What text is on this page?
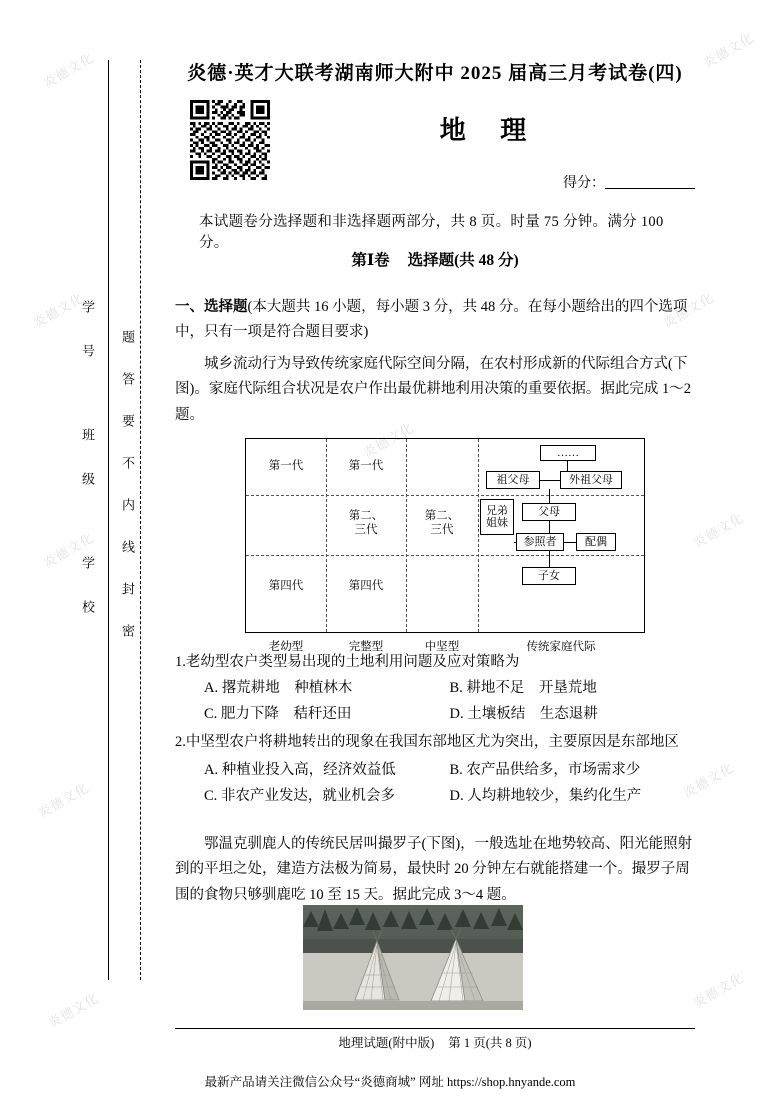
炎德文化	炎德文化
炎德文化	炎德文化
炎德文化	炎德文化
炎德文化	炎德文化
炎德文化	炎德文化
炎德文化
学 号　　　班 级　　　学 校 题　答　要　不　内　线　封　密
炎德·英才大联考湖南师大附中 2025 届高三月考试卷(四)
地 理
得分：
本试题卷分选择题和非选择题两部分，共 8 页。时量 75 分钟。满分 100 分。
第Ⅰ卷 选择题(共 48 分)
一、选择题(本大题共 16 小题，每小题 3 分，共 48 分。在每小题给出的四个选项中，只有一项是符合题目要求)
城乡流动行为导致传统家庭代际空间分隔，在农村形成新的代际组合方式(下图)。家庭代际组合状况是农户作出最优耕地利用决策的重要依据。据此完成 1～2 题。
第一代	第一代
第二、
三代
第二、
三代
第四代	第四代
……
祖父母	外祖父母
父母
兄弟
姐妹
参照者	配偶
子女
老幼型	完整型	中坚型	传统家庭代际
1.老幼型农户类型易出现的土地利用问题及应对策略为
A. 撂荒耕地　种植林木	B. 耕地不足　开垦荒地
C. 肥力下降　秸秆还田	D. 土壤板结　生态退耕
2.中坚型农户将耕地转出的现象在我国东部地区尤为突出，主要原因是东部地区
A. 种植业投入高，经济效益低	B. 农产品供给多，市场需求少
C. 非农产业发达，就业机会多	D. 人均耕地较少，集约化生产
鄂温克驯鹿人的传统民居叫撮罗子(下图)，一般选址在地势较高、阳光能照射到的平坦之处，建造方法极为简易，最快时 20 分钟左右就能搭建一个。撮罗子周围的食物只够驯鹿吃 10 至 15 天。据此完成 3～4 题。
地理试题(附中版) 第 1 页(共 8 页)
最新产品请关注微信公众号“炎德商城” 网址 https://shop.hnyande.com
